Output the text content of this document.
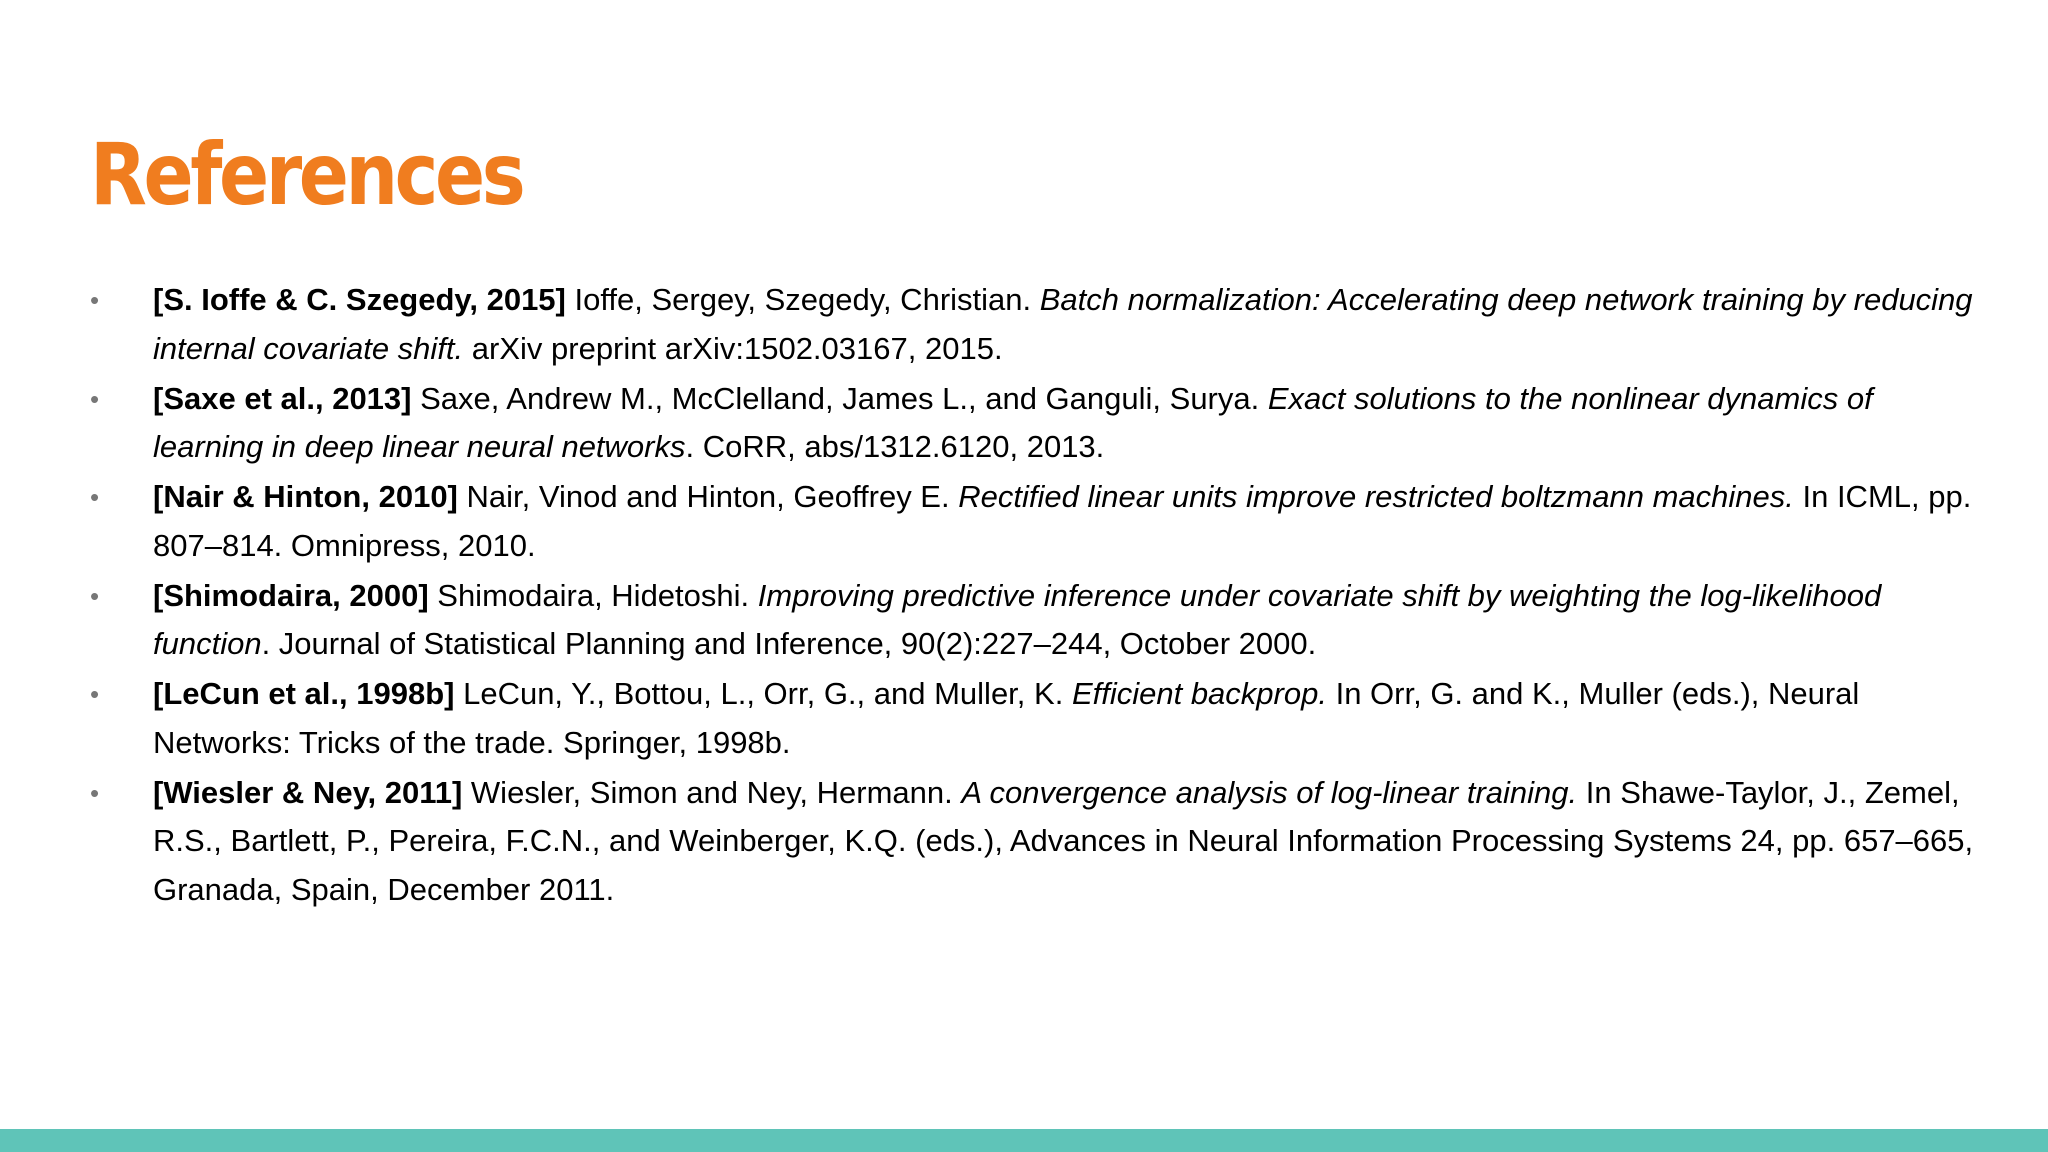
References
• [S. Ioffe & C. Szegedy, 2015] Ioffe, Sergey, Szegedy, Christian. Batch normalization: Accelerating deep network training by reducing internal covariate shift. arXiv preprint arXiv:1502.03167, 2015.
• [Saxe et al., 2013] Saxe, Andrew M., McClelland, James L., and Ganguli, Surya. Exact solutions to the nonlinear dynamics of learning in deep linear neural networks. CoRR, abs/1312.6120, 2013.
• [Nair & Hinton, 2010] Nair, Vinod and Hinton, Geoffrey E. Rectified linear units improve restricted boltzmann machines. In ICML, pp. 807–814. Omnipress, 2010.
• [Shimodaira, 2000] Shimodaira, Hidetoshi. Improving predictive inference under covariate shift by weighting the log-likelihood function. Journal of Statistical Planning and Inference, 90(2):227–244, October 2000.
• [LeCun et al., 1998b] LeCun, Y., Bottou, L., Orr, G., and Muller, K. Efficient backprop. In Orr, G. and K., Muller (eds.), Neural Networks: Tricks of the trade. Springer, 1998b.
• [Wiesler & Ney, 2011] Wiesler, Simon and Ney, Hermann. A convergence analysis of log-linear training. In Shawe-Taylor, J., Zemel, R.S., Bartlett, P., Pereira, F.C.N., and Weinberger, K.Q. (eds.), Advances in Neural Information Processing Systems 24, pp. 657–665, Granada, Spain, December 2011.
